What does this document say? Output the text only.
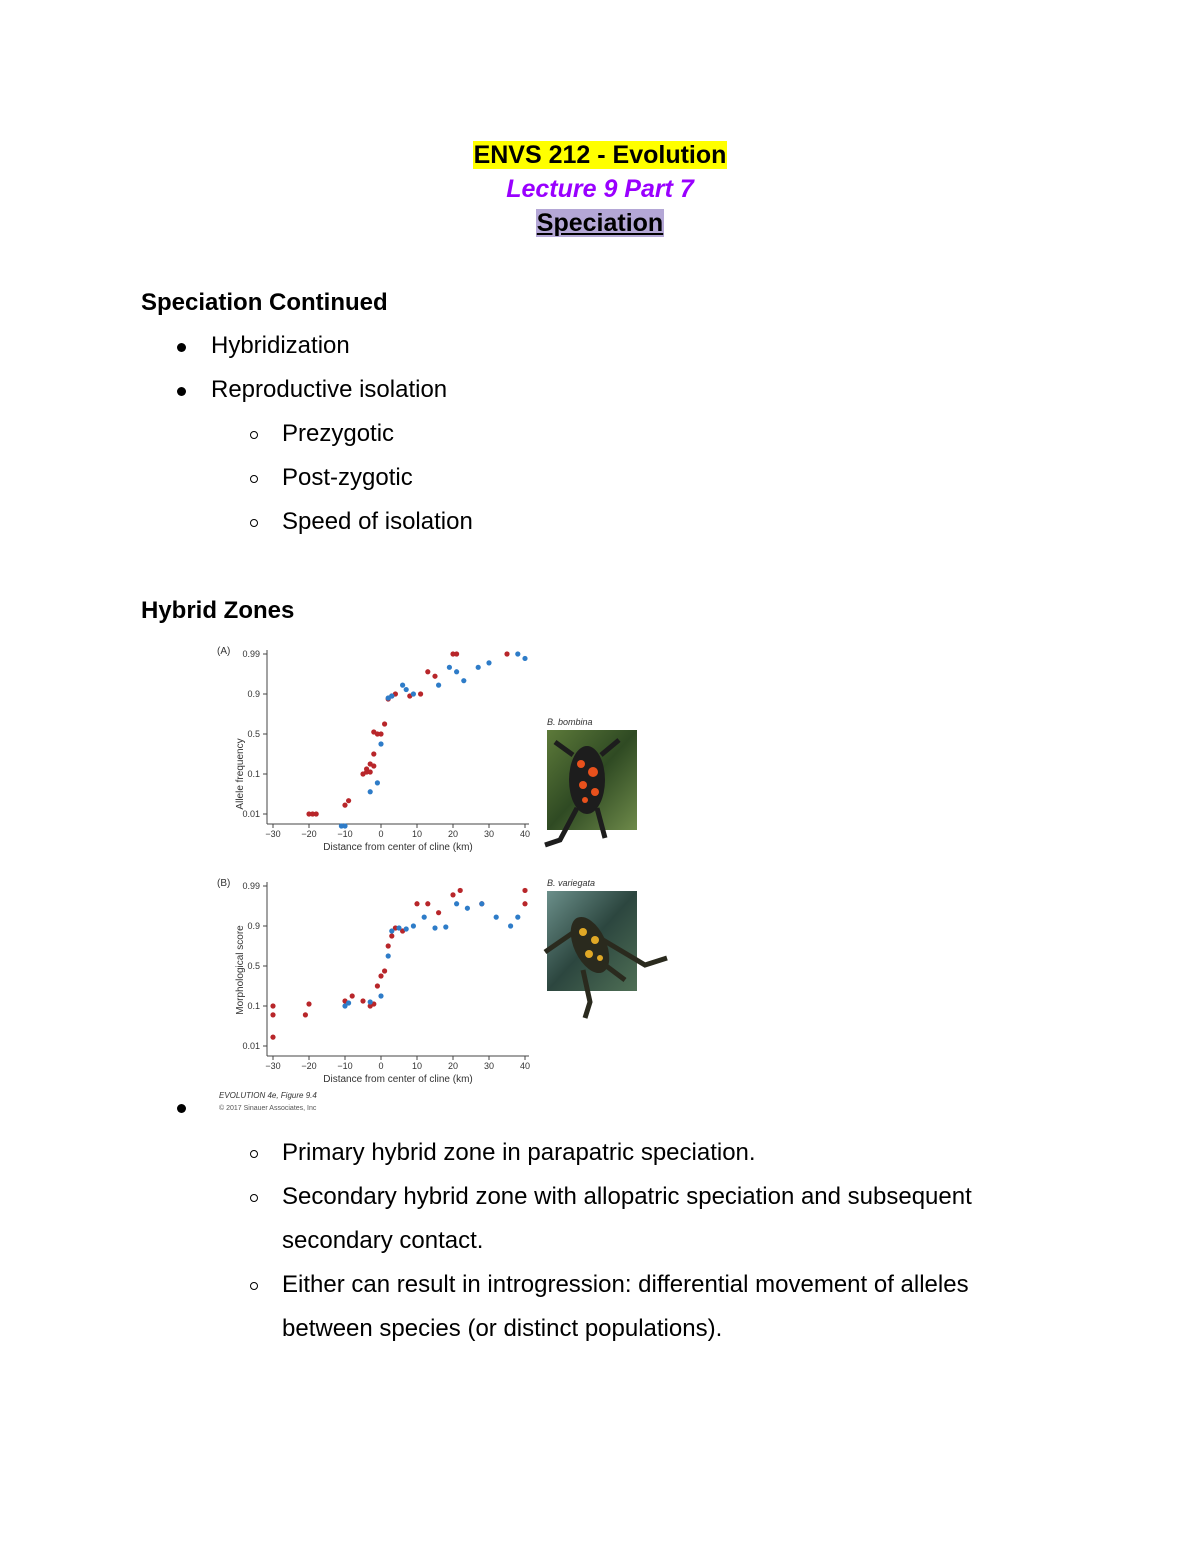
ENVS 212 - Evolution
Lecture 9 Part 7
Speciation
Speciation Continued
Hybridization
Reproductive isolation
Prezygotic
Post-zygotic
Speed of isolation
Hybrid Zones
(A)
Allele frequency
Distance from center of cline (km)
−30 −20 −10	0	10	20	30	40
0.01
0.1
0.5
0.9
0.99
(B)
Morphological score
Distance from center of cline (km)
−30 −20 −10	0	10	20	30	40
0.01
0.1
0.5
0.9
0.99
B. bombina
B. variegata
EVOLUTION 4e, Figure 9.4
© 2017 Sinauer Associates, Inc
Primary hybrid zone in parapatric speciation.
Secondary hybrid zone with allopatric speciation and subsequent
secondary contact.
Either can result in introgression: differential movement of alleles
between species (or distinct populations).
